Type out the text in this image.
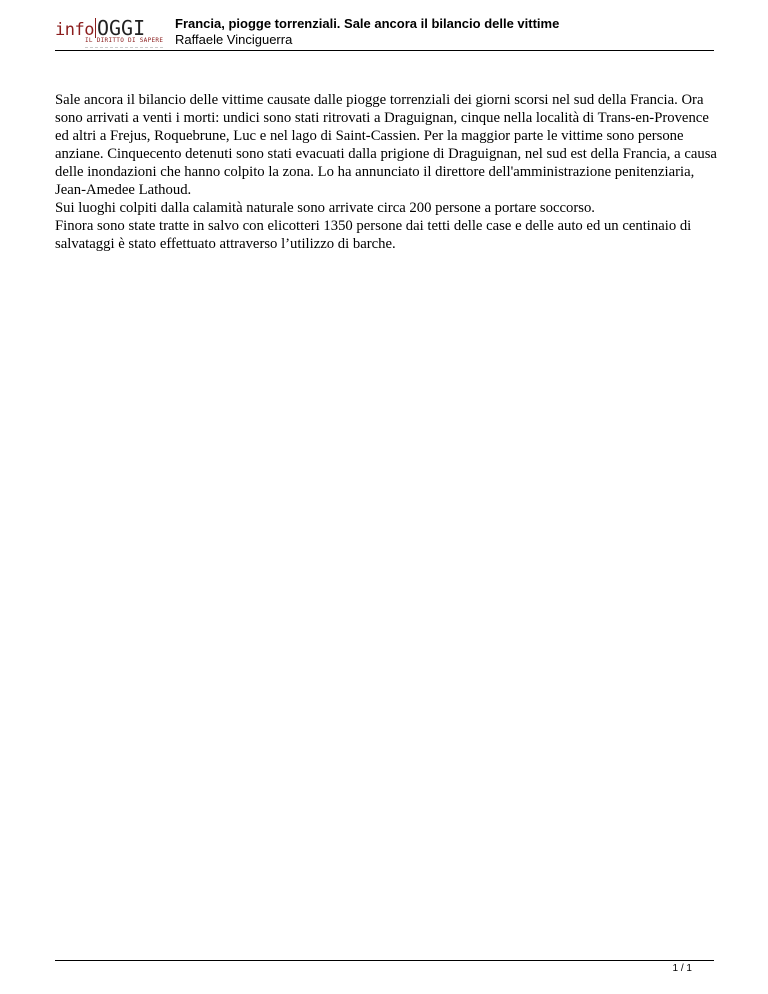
info OGGI
IL DIRITTO DI SAPERE
Francia, piogge torrenziali. Sale ancora il bilancio delle vittime
Raffaele Vinciguerra

Sale ancora il bilancio delle vittime causate dalle piogge torrenziali dei giorni scorsi nel sud della Francia. Ora sono arrivati a venti i morti: undici sono stati ritrovati a Draguignan, cinque nella località di Trans-en-Provence ed altri a Frejus, Roquebrune, Luc e nel lago di Saint-Cassien. Per la maggior parte le vittime sono persone anziane. Cinquecento detenuti sono stati evacuati dalla prigione di Draguignan, nel sud est della Francia, a causa delle inondazioni che hanno colpito la zona. Lo ha annunciato il direttore dell'amministrazione penitenziaria, Jean-Amedee Lathoud.

Sui luoghi colpiti dalla calamità naturale sono arrivate circa 200 persone a portare soccorso.

Finora sono state tratte in salvo con elicotteri 1350 persone dai tetti delle case e delle auto ed un centinaio di salvataggi è stato effettuato attraverso l’utilizzo di barche.

1 / 1
